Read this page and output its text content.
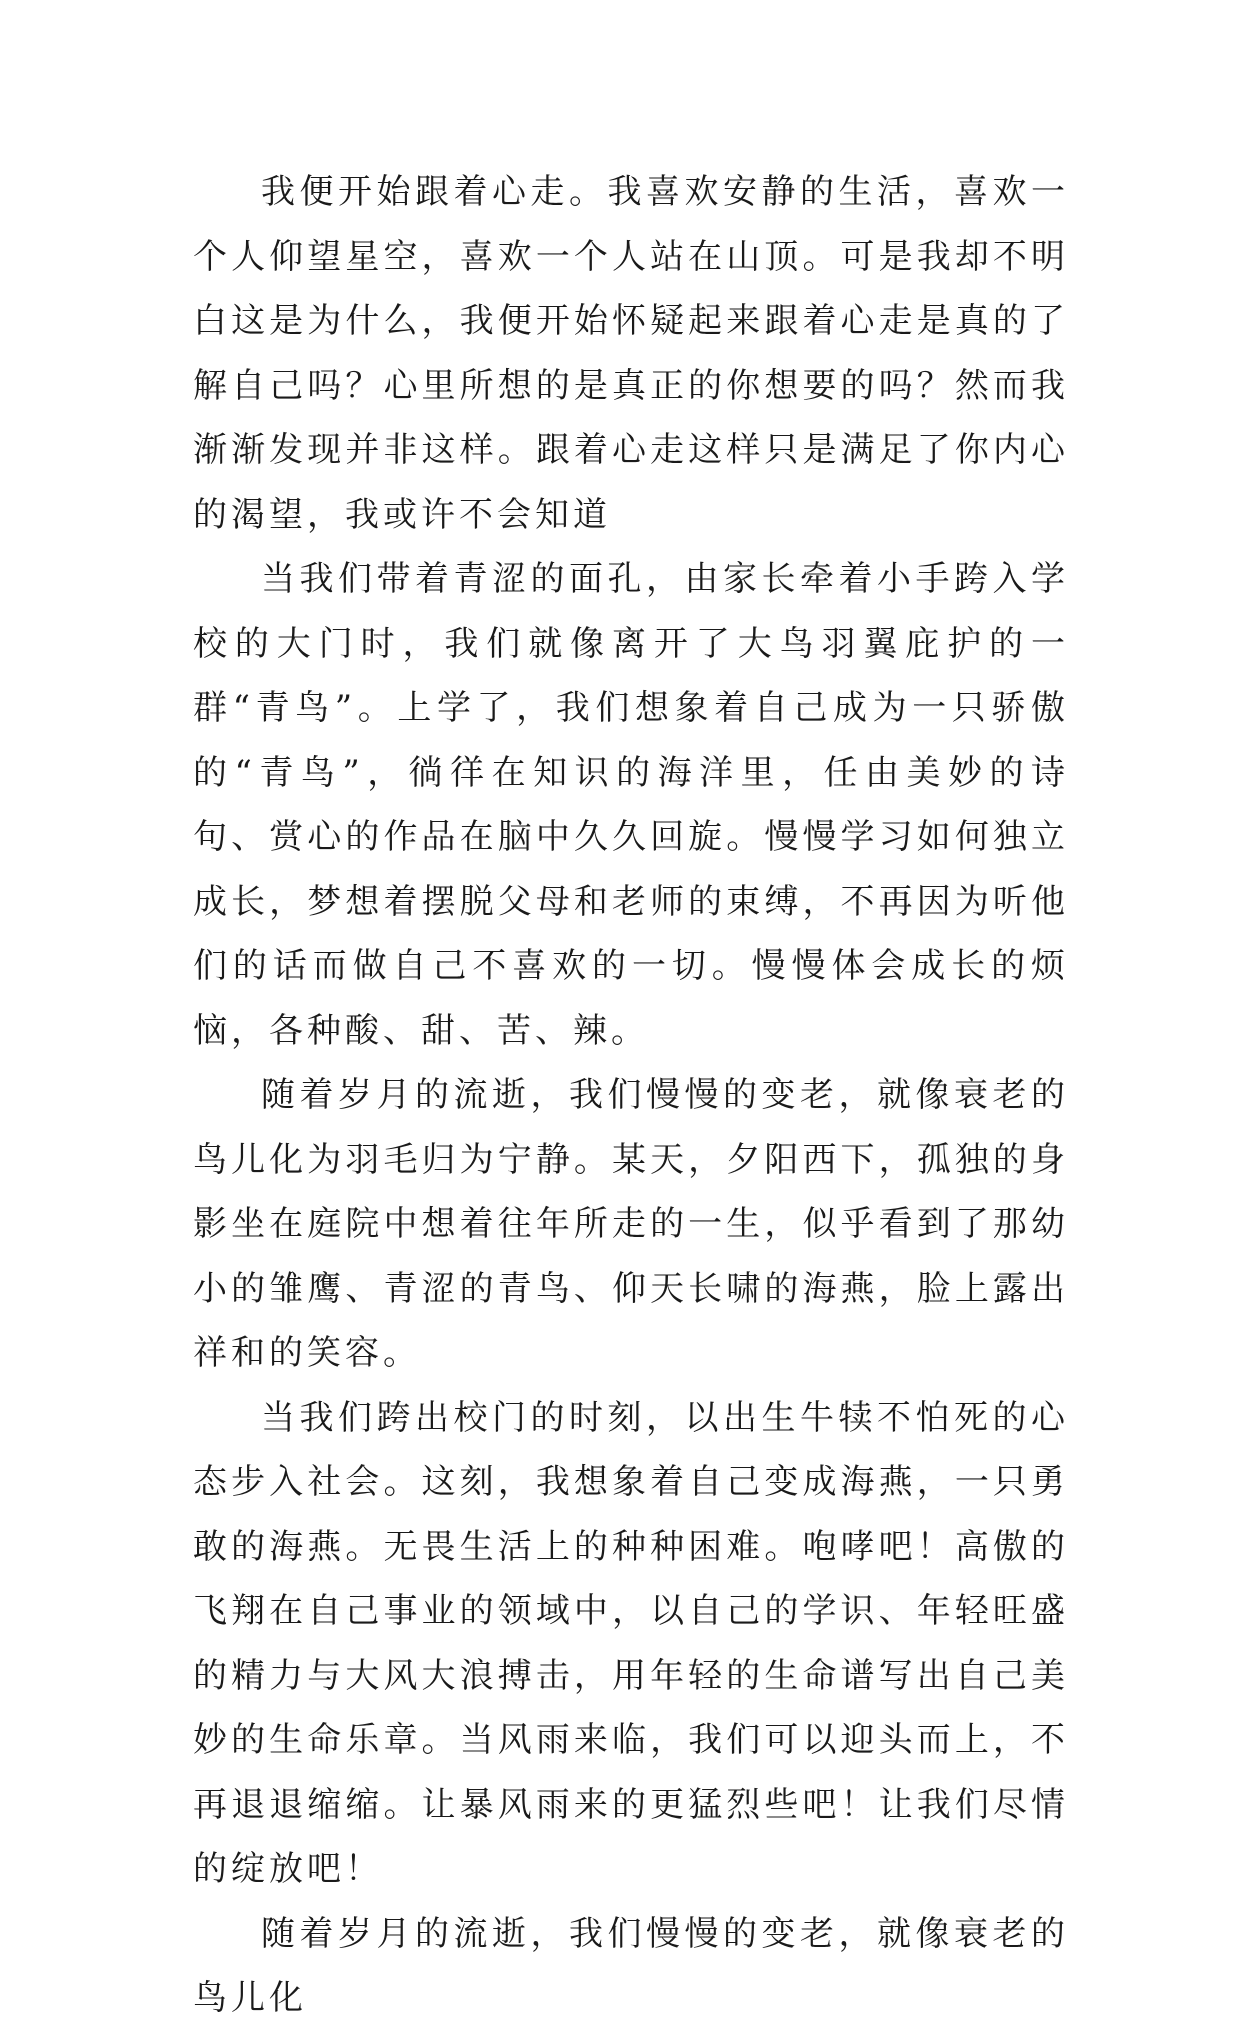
我便开始跟着心走。我喜欢安静的生活，喜欢一个人仰望星空，喜欢一个人站在山顶。可是我却不明白这是为什么，我便开始怀疑起来跟着心走是真的了解自己吗？心里所想的是真正的你想要的吗？然而我渐渐发现并非这样。跟着心走这样只是满足了你内心的渴望，我或许不会知道

当我们带着青涩的面孔，由家长牵着小手跨入学校的大门时，我们就像离开了大鸟羽翼庇护的一群“青鸟”。上学了，我们想象着自己成为一只骄傲的“青鸟”，徜徉在知识的海洋里，任由美妙的诗句、赏心的作品在脑中久久回旋。慢慢学习如何独立成长，梦想着摆脱父母和老师的束缚，不再因为听他们的话而做自己不喜欢的一切。慢慢体会成长的烦恼，各种酸、甜、苦、辣。

随着岁月的流逝，我们慢慢的变老，就像衰老的鸟儿化为羽毛归为宁静。某天，夕阳西下，孤独的身影坐在庭院中想着往年所走的一生，似乎看到了那幼小的雏鹰、青涩的青鸟、仰天长啸的海燕，脸上露出祥和的笑容。

当我们跨出校门的时刻，以出生牛犊不怕死的心态步入社会。这刻，我想象着自己变成海燕，一只勇敢的海燕。无畏生活上的种种困难。咆哮吧！高傲的飞翔在自己事业的领域中，以自己的学识、年轻旺盛的精力与大风大浪搏击，用年轻的生命谱写出自己美妙的生命乐章。当风雨来临，我们可以迎头而上，不再退退缩缩。让暴风雨来的更猛烈些吧！让我们尽情的绽放吧！

随着岁月的流逝，我们慢慢的变老，就像衰老的鸟儿化
